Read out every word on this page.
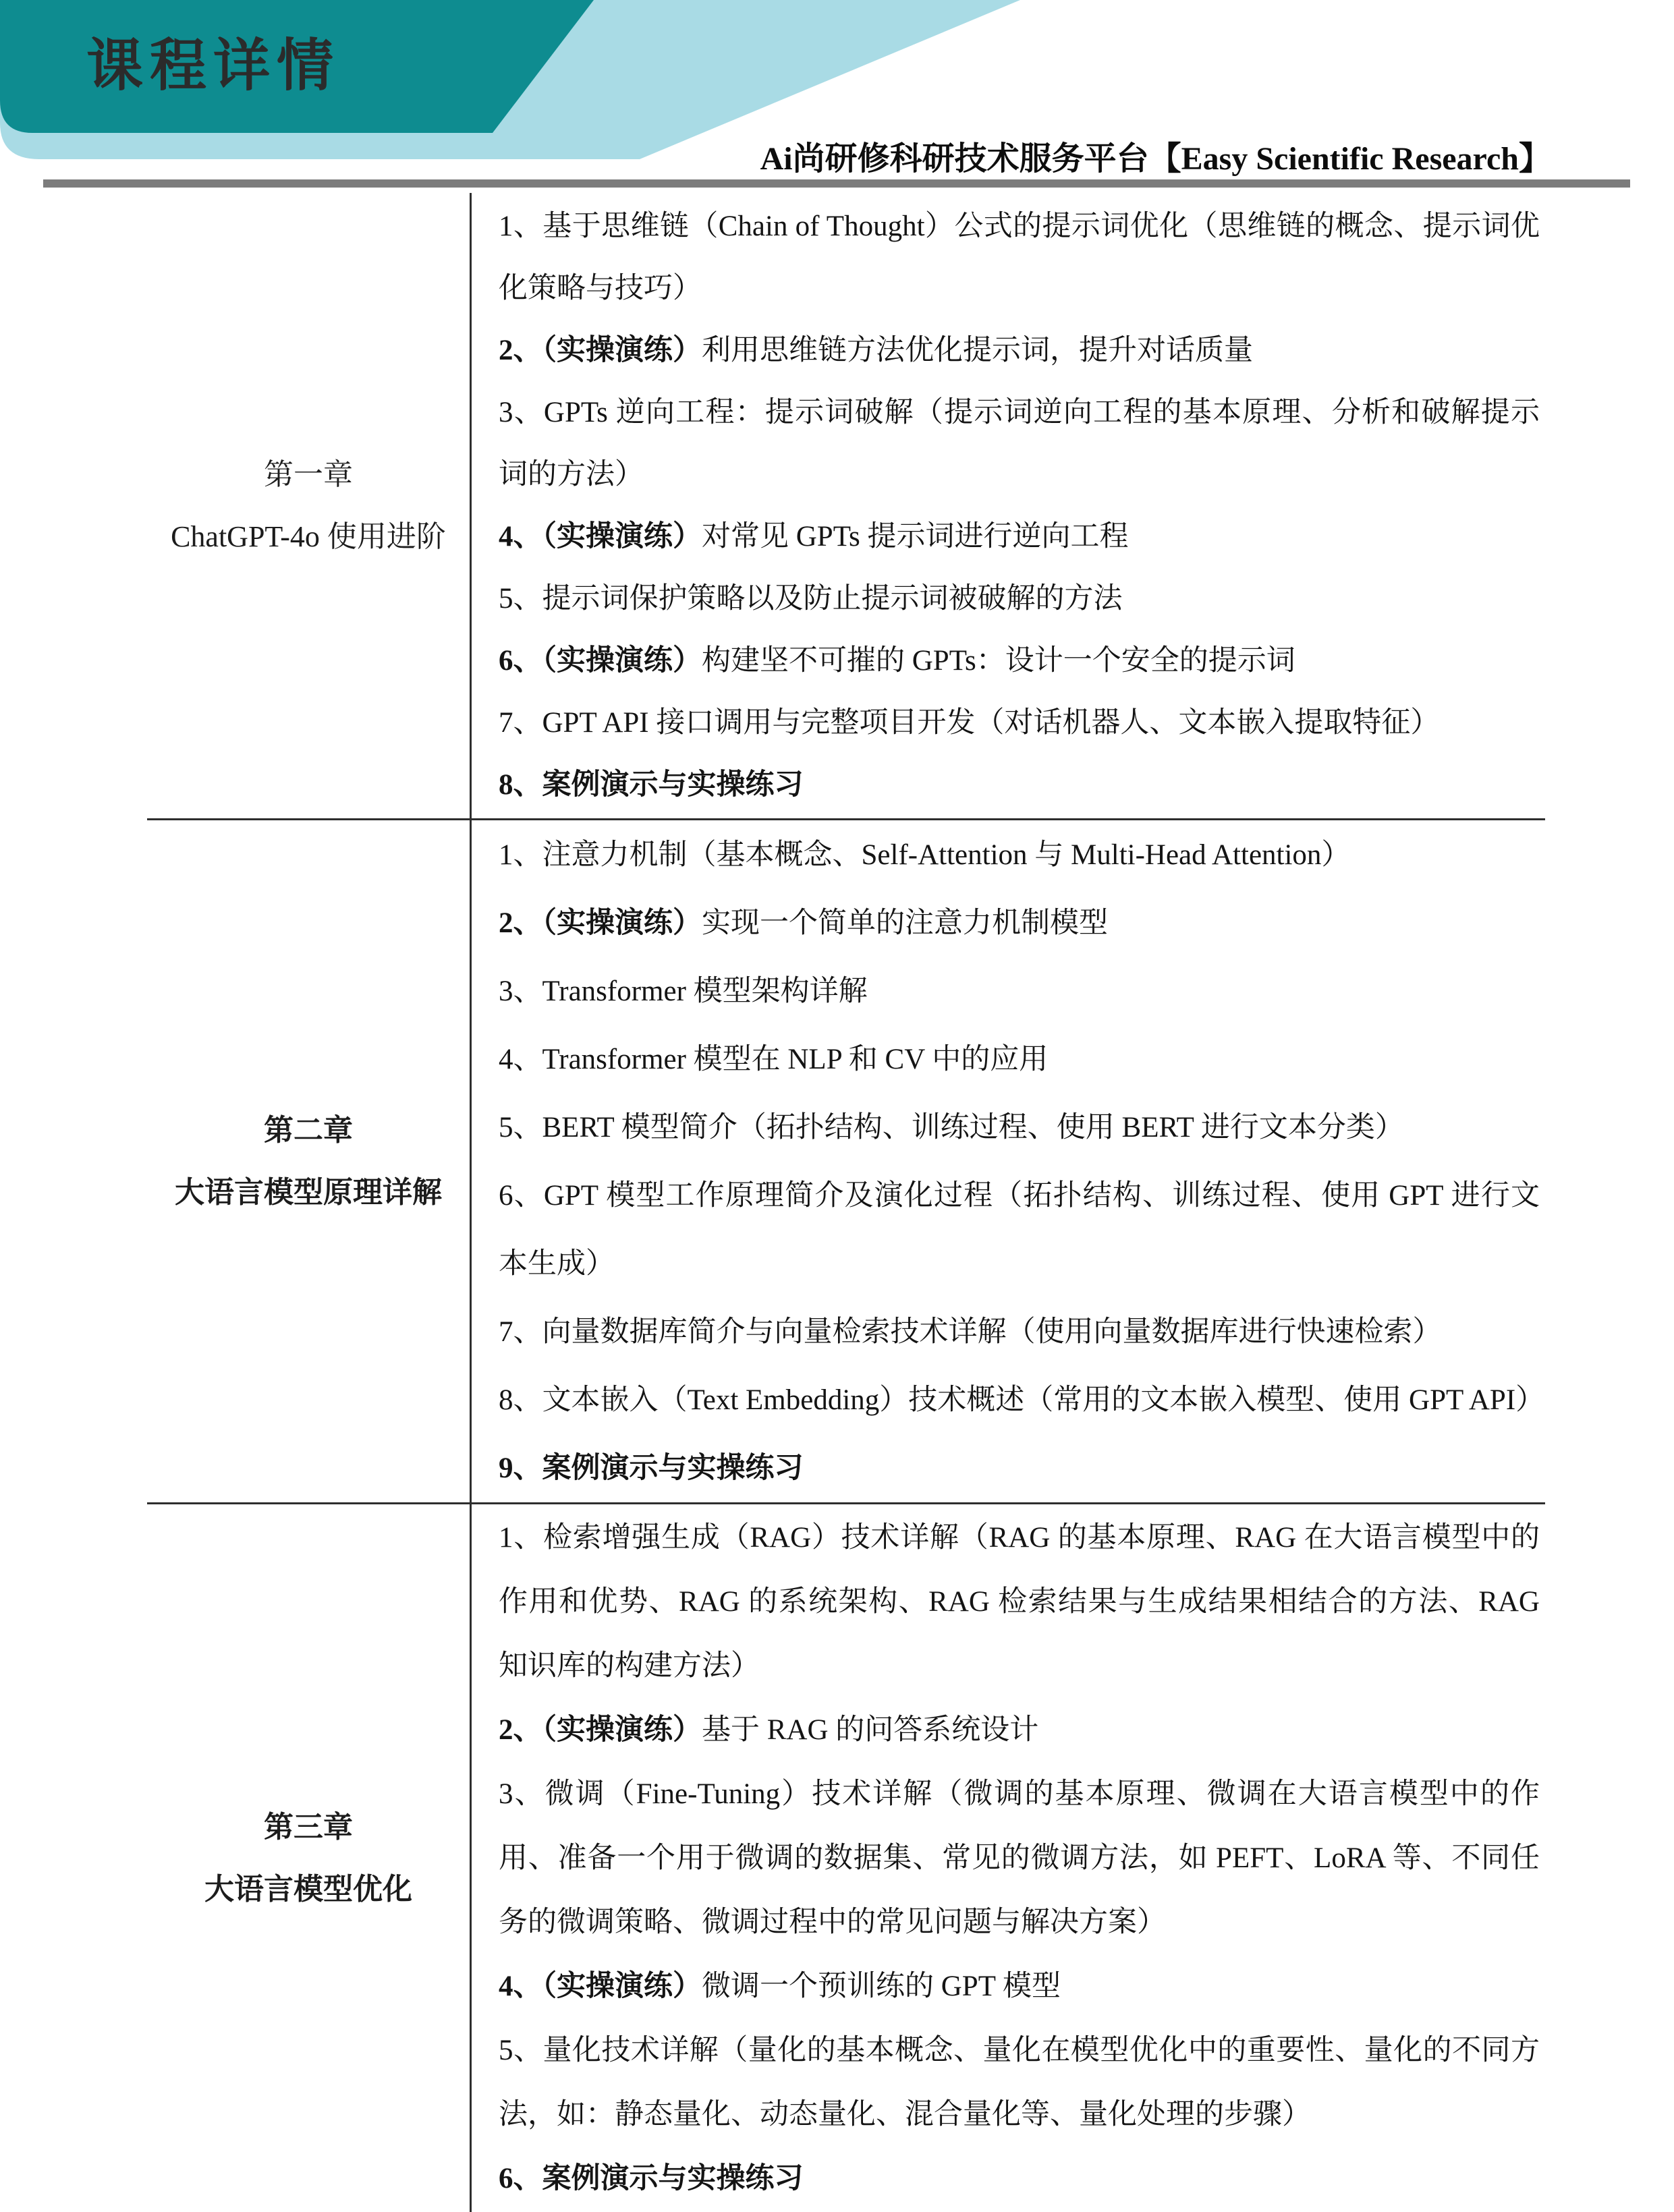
课程详情
Ai尚研修科研技术服务平台【Easy Scientific Research】
第一章
ChatGPT-4o 使用进阶

1、基于思维链（Chain of Thought）公式的提示词优化（思维链的概念、提示词优化策略与技巧）

2、（实操演练）利用思维链方法优化提示词，提升对话质量

3、GPTs 逆向工程：提示词破解（提示词逆向工程的基本原理、分析和破解提示词的方法）

4、（实操演练）对常见 GPTs 提示词进行逆向工程

5、提示词保护策略以及防止提示词被破解的方法

6、（实操演练）构建坚不可摧的 GPTs：设计一个安全的提示词

7、GPT API 接口调用与完整项目开发（对话机器人、文本嵌入提取特征）

8、案例演示与实操练习

第二章
大语言模型原理详解

1、注意力机制（基本概念、Self-Attention 与 Multi-Head Attention）

2、（实操演练）实现一个简单的注意力机制模型

3、Transformer 模型架构详解

4、Transformer 模型在 NLP 和 CV 中的应用

5、BERT 模型简介（拓扑结构、训练过程、使用 BERT 进行文本分类）

6、GPT 模型工作原理简介及演化过程（拓扑结构、训练过程、使用 GPT 进行文本生成）

7、向量数据库简介与向量检索技术详解（使用向量数据库进行快速检索）

8、文本嵌入（Text Embedding）技术概述（常用的文本嵌入模型、使用 GPT API）

9、案例演示与实操练习

第三章
大语言模型优化

1、检索增强生成（RAG）技术详解（RAG 的基本原理、RAG 在大语言模型中的作用和优势、RAG 的系统架构、RAG 检索结果与生成结果相结合的方法、RAG 知识库的构建方法）

2、（实操演练）基于 RAG 的问答系统设计

3、微调（Fine-Tuning）技术详解（微调的基本原理、微调在大语言模型中的作用、准备一个用于微调的数据集、常见的微调方法，如 PEFT、LoRA 等、不同任务的微调策略、微调过程中的常见问题与解决方案）

4、（实操演练）微调一个预训练的 GPT 模型

5、量化技术详解（量化的基本概念、量化在模型优化中的重要性、量化的不同方法，如：静态量化、动态量化、混合量化等、量化处理的步骤）

6、案例演示与实操练习
